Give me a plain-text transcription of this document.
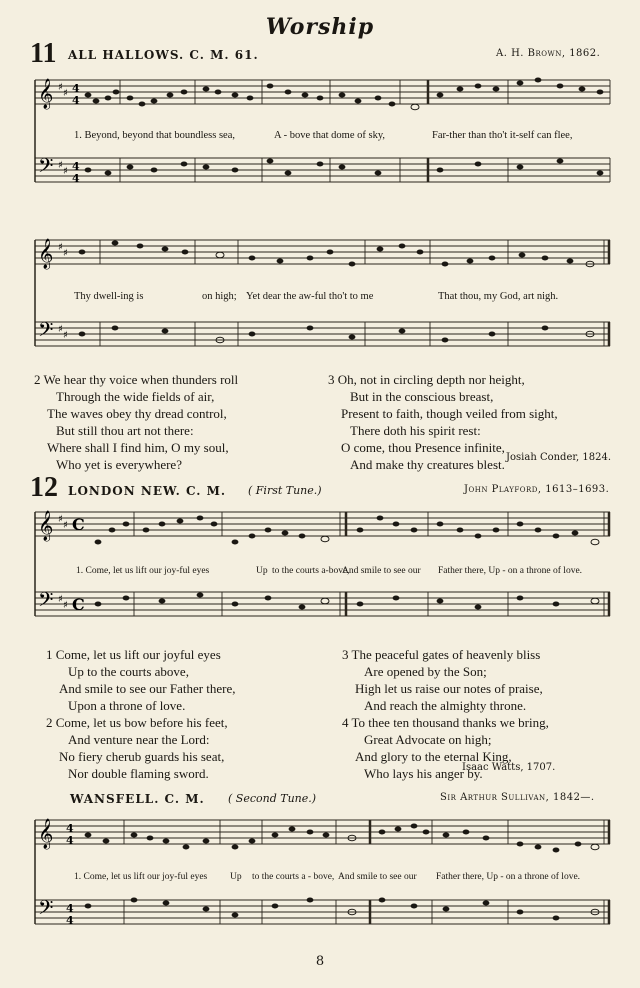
Worship
11 ALL HALLOWS. C. M. 61.	A. H. Brown, 1862.
𝄞
𝄢
♯
♯
♯
♯
4
4
4
4
1. Beyond, beyond that boundless sea,	A - bove that dome of sky,	Far-ther than tho't it-self can flee,
𝄞
𝄢
♯
♯
♯
♯
Thy dwell-ing is	on high; Yet dear the aw-ful tho't to me	That thou, my God, art nigh.
2 We hear thy voice when thunders roll
Through the wide fields of air,
The waves obey thy dread control,
But still thou art not there:
Where shall I find him, O my soul,
Who yet is everywhere?
3 Oh, not in circling depth nor height,
But in the conscious breast,
Present to faith, though veiled from sight,
There doth his spirit rest:
O come, thou Presence infinite,
And make thy creatures blest. Josiah Conder, 1824.
12 LONDON NEW. C. M. ( First Tune.)	John Playford, 1613–1693.
𝄞
𝄢
♯
♯
♯
♯
C
C
1. Come, let us lift our joy-ful eyes	Up to the courts a-bove,
And smile to see our Father there, Up - on a throne of love.
1 Come, let us lift our joyful eyes
Up to the courts above,
And smile to see our Father there,
Upon a throne of love.
2 Come, let us bow before his feet,
And venture near the Lord:
No fiery cherub guards his seat,
Nor double flaming sword.
3 The peaceful gates of heavenly bliss
Are opened by the Son;
High let us raise our notes of praise,
And reach the almighty throne.
4 To thee ten thousand thanks we bring,
Great Advocate on high;
And glory to the eternal King,
Who lays his anger by.
Isaac Watts, 1707.
WANSFELL. C. M. ( Second Tune.)	Sir Arthur Sullivan, 1842—.
𝄞
𝄢
4
4
4
4
1. Come, let us lift our joy-ful eyes Up to the courts a - bove, And smile to see our Father there, Up - on a throne of love.
8
